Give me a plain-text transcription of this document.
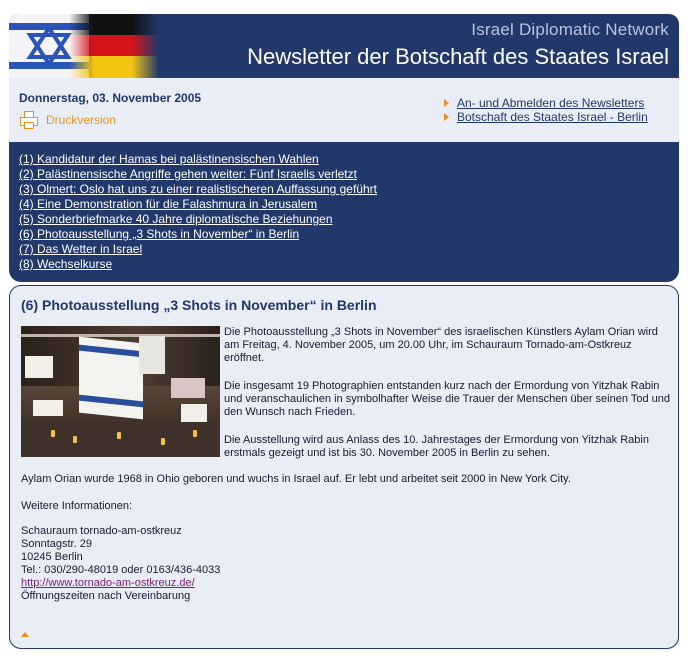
Israel Diplomatic Network
Newsletter der Botschaft des Staates Israel
Donnerstag, 03. November 2005
Druckversion
An- und Abmelden des Newsletters
Botschaft des Staates Israel - Berlin
(1) Kandidatur der Hamas bei palästinensischen Wahlen
(2) Palästinensische Angriffe gehen weiter: Fünf Israelis verletzt
(3) Olmert: Oslo hat uns zu einer realistischeren Auffassung geführt
(4) Eine Demonstration für die Falashmura in Jerusalem
(5) Sonderbriefmarke 40 Jahre diplomatische Beziehungen
(6) Photoausstellung „3 Shots in November“ in Berlin
(7) Das Wetter in Israel
(8) Wechselkurse
(6) Photoausstellung „3 Shots in November“ in Berlin
Die Photoausstellung „3 Shots in November“ des israelischen Künstlers Aylam Orian wird am Freitag, 4. November 2005, um 20.00 Uhr, im Schauraum Tornado-am-Ostkreuz eröffnet.
Die insgesamt 19 Photographien entstanden kurz nach der Ermordung von Yitzhak Rabin und veranschaulichen in symbolhafter Weise die Trauer der Menschen über seinen Tod und den Wunsch nach Frieden.
Die Ausstellung wird aus Anlass des 10. Jahrestages der Ermordung von Yitzhak Rabin erstmals gezeigt und ist bis 30. November 2005 in Berlin zu sehen.
Aylam Orian wurde 1968 in Ohio geboren und wuchs in Israel auf. Er lebt und arbeitet seit 2000 in New York City.
Weitere Informationen:
Schauraum tornado-am-ostkreuz
Sonntagstr. 29
10245 Berlin
Tel.: 030/290-48019 oder 0163/436-4033
http://www.tornado-am-ostkreuz.de/
Öffnungszeiten nach Vereinbarung
